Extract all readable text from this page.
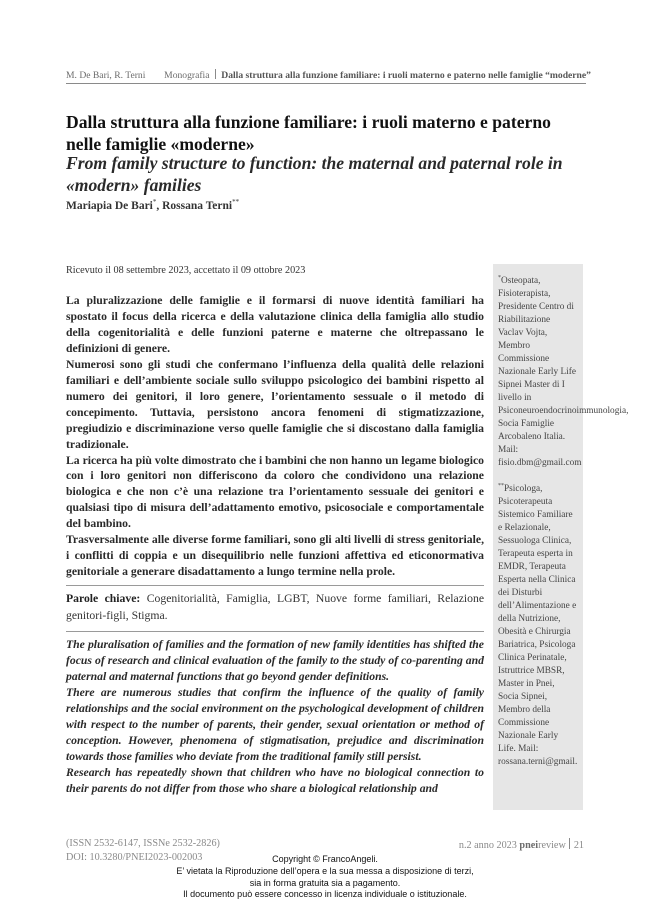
M. De Bari, R. Terni Monografia Dalla struttura alla funzione familiare: i ruoli materno e paterno nelle famiglie “moderne”
Dalla struttura alla funzione familiare: i ruoli materno e paterno nelle famiglie «moderne»
From family structure to function: the maternal and paternal role in «modern» families
Mariapia De Bari*, Rossana Terni**
Ricevuto il 08 settembre 2023, accettato il 09 ottobre 2023

La pluralizzazione delle famiglie e il formarsi di nuove identità familiari ha spostato il focus della ricerca e della valutazione clinica della famiglia allo studio della cogenitorialità e delle funzioni paterne e materne che oltrepassano le definizioni di genere.

Numerosi sono gli studi che confermano l’influenza della qualità delle relazioni familiari e dell’ambiente sociale sullo sviluppo psicologico dei bambini rispetto al numero dei genitori, il loro genere, l’orientamento sessuale o il metodo di concepimento. Tuttavia, persistono ancora fenomeni di stigmatizzazione, pregiudizio e discriminazione verso quelle famiglie che si discostano dalla famiglia tradizionale.

La ricerca ha più volte dimostrato che i bambini che non hanno un legame biologico con i loro genitori non differiscono da coloro che condividono una relazione biologica e che non c’è una relazione tra l’orientamento sessuale dei genitori e qualsiasi tipo di misura dell’adattamento emotivo, psicosociale e comportamentale del bambino.

Trasversalmente alle diverse forme familiari, sono gli alti livelli di stress genitoriale, i conflitti di coppia e un disequilibrio nelle funzioni affettiva ed eticonormativa genitoriale a generare disadattamento a lungo termine nella prole.

Parole chiave: Cogenitorialità, Famiglia, LGBT, Nuove forme familiari, Relazione genitori-figli, Stigma.

The pluralisation of families and the formation of new family identities has shifted the focus of research and clinical evaluation of the family to the study of co-parenting and paternal and maternal functions that go beyond gender definitions.

There are numerous studies that confirm the influence of the quality of family relationships and the social environment on the psychological development of children with respect to the number of parents, their gender, sexual orientation or method of conception. However, phenomena of stigmatisation, prejudice and discrimination towards those families who deviate from the traditional family still persist.

Research has repeatedly shown that children who have no biological connection to their parents do not differ from those who share a biological relationship and

*Osteopata, Fisioterapista, Presidente Centro di Riabilitazione Vaclav Vojta, Membro Commissione Nazionale Early Life Sipnei Master di I livello in Psiconeuroendocrinoimmunologia, Socia Famiglie Arcobaleno Italia. Mail: fisio.dbm@gmail.com

**Psicologa, Psicoterapeuta Sistemico Familiare e Relazionale, Sessuologa Clinica, Terapeuta esperta in EMDR, Terapeuta Esperta nella Clinica dei Disturbi dell’Alimentazione e della Nutrizione, Obesità e Chirurgia Bariatrica, Psicologa Clinica Perinatale, Istruttrice MBSR, Master in Pnei, Socia Sipnei, Membro della Commissione Nazionale Early Life. Mail: rossana.terni@gmail.

(ISSN 2532-6147, ISSNe 2532-2826)
DOI: 10.3280/PNEI2023-002003
n.2 anno 2023 pneireview 21
Copyright © FrancoAngeli.
E’ vietata la Riproduzione dell’opera e la sua messa a disposizione di terzi,
sia in forma gratuita sia a pagamento.
Il documento può essere concesso in licenza individuale o istituzionale.
